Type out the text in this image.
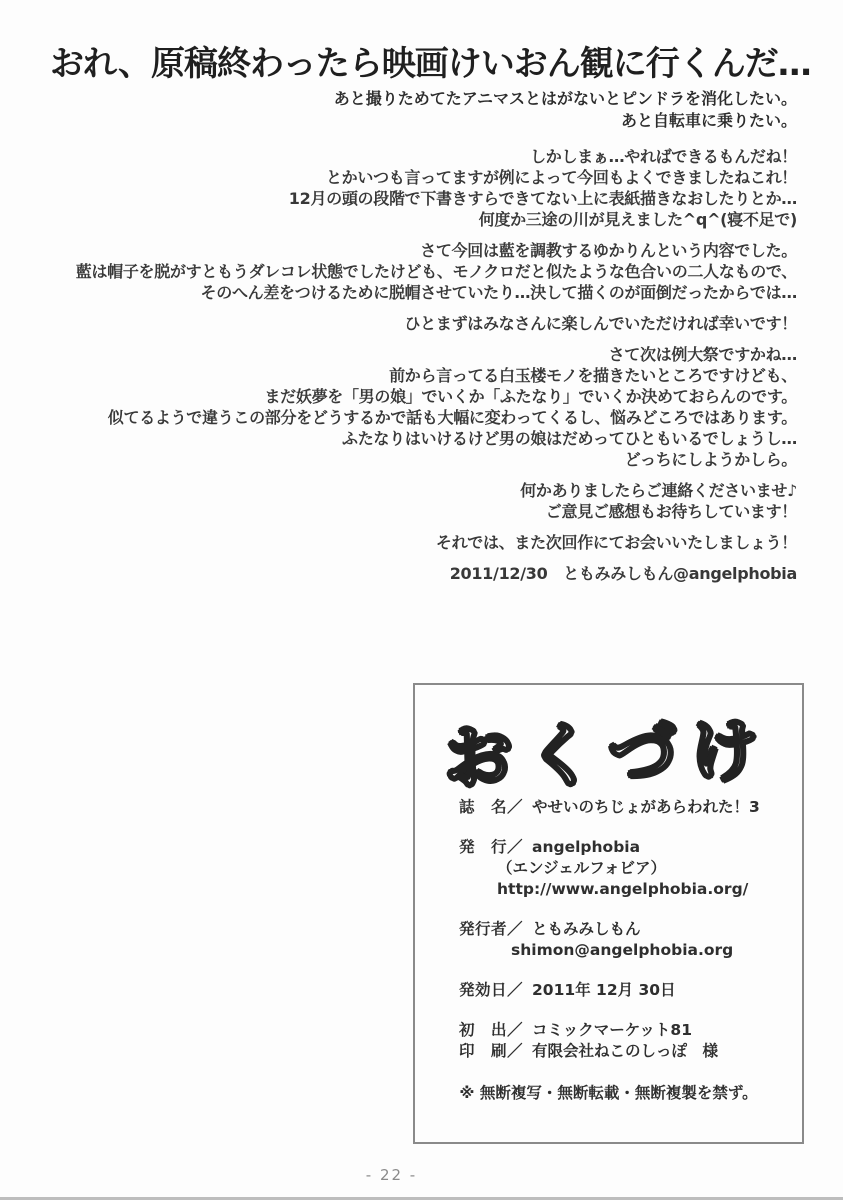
おれ、原稿終わったら映画けいおん観に行くんだ…
あと撮りためてたアニマスとはがないとピンドラを消化したい。
あと自転車に乗りたい。
しかしまぁ…やればできるもんだね！
とかいつも言ってますが例によって今回もよくできましたねこれ！
12月の頭の段階で下書きすらできてない上に表紙描きなおしたりとか…
何度か三途の川が見えました^q^(寝不足で)
さて今回は藍を調教するゆかりんという内容でした。
藍は帽子を脱がすともうダレコレ状態でしたけども、モノクロだと似たような色合いの二人なもので、
そのへん差をつけるために脱帽させていたり…決して描くのが面倒だったからでは…
ひとまずはみなさんに楽しんでいただければ幸いです！
さて次は例大祭ですかね…
前から言ってる白玉楼モノを描きたいところですけども、
まだ妖夢を「男の娘」でいくか「ふたなり」でいくか決めておらんのです。
似てるようで違うこの部分をどうするかで話も大幅に変わってくるし、悩みどころではあります。
ふたなりはいけるけど男の娘はだめってひともいるでしょうし…
どっちにしようかしら。
何かありましたらご連絡くださいませ♪
ご意見ご感想もお待ちしています！
それでは、また次回作にてお会いいたしましょう！
2011/12/30　ともみみしもん@angelphobia
おくづけ
誌　名／ やせいのちじょがあらわれた！3
発　行／ angelphobia
（エンジェルフォビア）
http://www.angelphobia.org/
発行者／ ともみみしもん
shimon@angelphobia.org
発効日／ 2011年 12月 30日
初　出／ コミックマーケット81
印　刷／ 有限会社ねこのしっぽ　様
※ 無断複写・無断転載・無断複製を禁ず。
- 22 -
